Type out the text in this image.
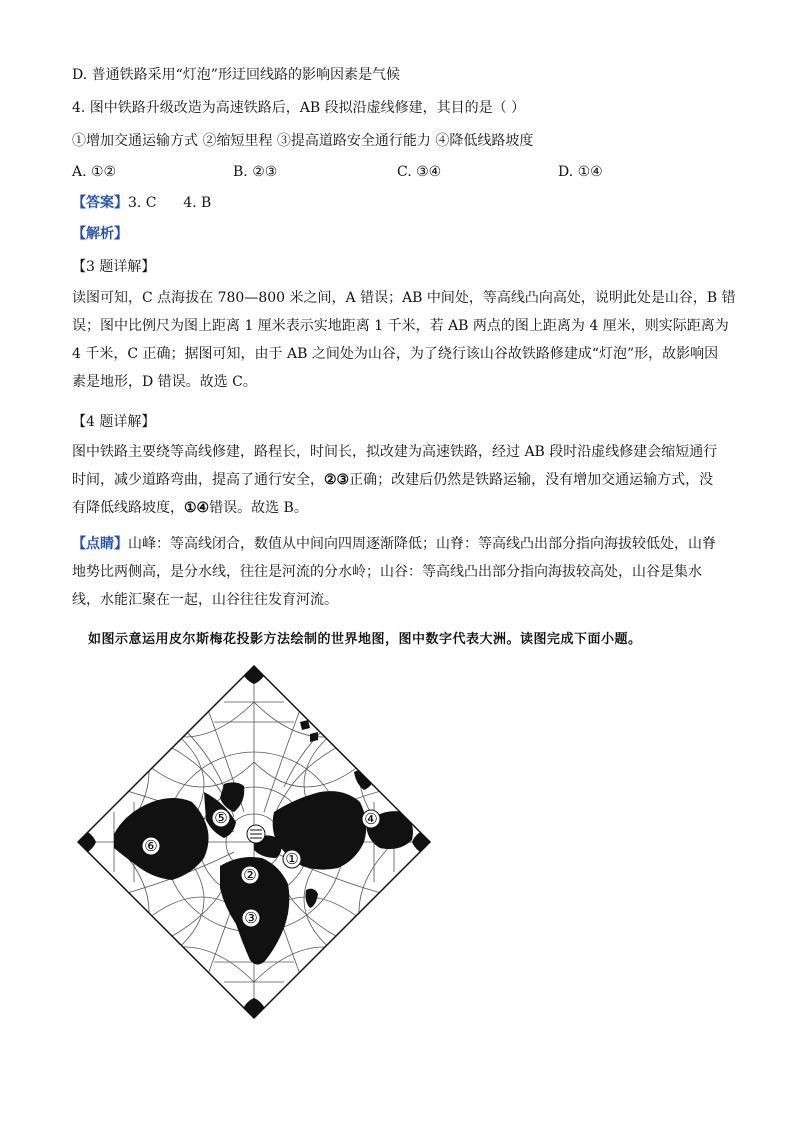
D. 普通铁路采用“灯泡”形迂回线路的影响因素是气候
4. 图中铁路升级改造为高速铁路后，AB 段拟沿虚线修建，其目的是（ ）
①增加交通运输方式 ②缩短里程 ③提高道路安全通行能力 ④降低线路坡度
A. ①②	B. ②③	C. ③④	D. ①④
【答案】3. C      4. B
【解析】
【3 题详解】
读图可知，C 点海拔在 780—800 米之间，A 错误；AB 中间处，等高线凸向高处，说明此处是山谷，B 错
误；图中比例尺为图上距离 1 厘米表示实地距离 1 千米，若 AB 两点的图上距离为 4 厘米，则实际距离为
4 千米，C 正确；据图可知，由于 AB 之间处为山谷，为了绕行该山谷故铁路修建成“灯泡”形，故影响因
素是地形，D 错误。故选 C。
【4 题详解】
图中铁路主要绕等高线修建，路程长，时间长，拟改建为高速铁路，经过 AB 段时沿虚线修建会缩短通行
时间，减少道路弯曲，提高了通行安全，②③正确；改建后仍然是铁路运输，没有增加交通运输方式，没
有降低线路坡度，①④错误。故选 B。
【点睛】山峰：等高线闭合，数值从中间向四周逐渐降低；山脊：等高线凸出部分指向海拔较低处，山脊
地势比两侧高，是分水线，往往是河流的分水岭；山谷：等高线凸出部分指向海拔较高处，山谷是集水
线，水能汇聚在一起，山谷往往发育河流。
如图示意运用皮尔斯梅花投影方法绘制的世界地图，图中数字代表大洲。读图完成下面小题。
①
②
③
④
⑤
⑥
